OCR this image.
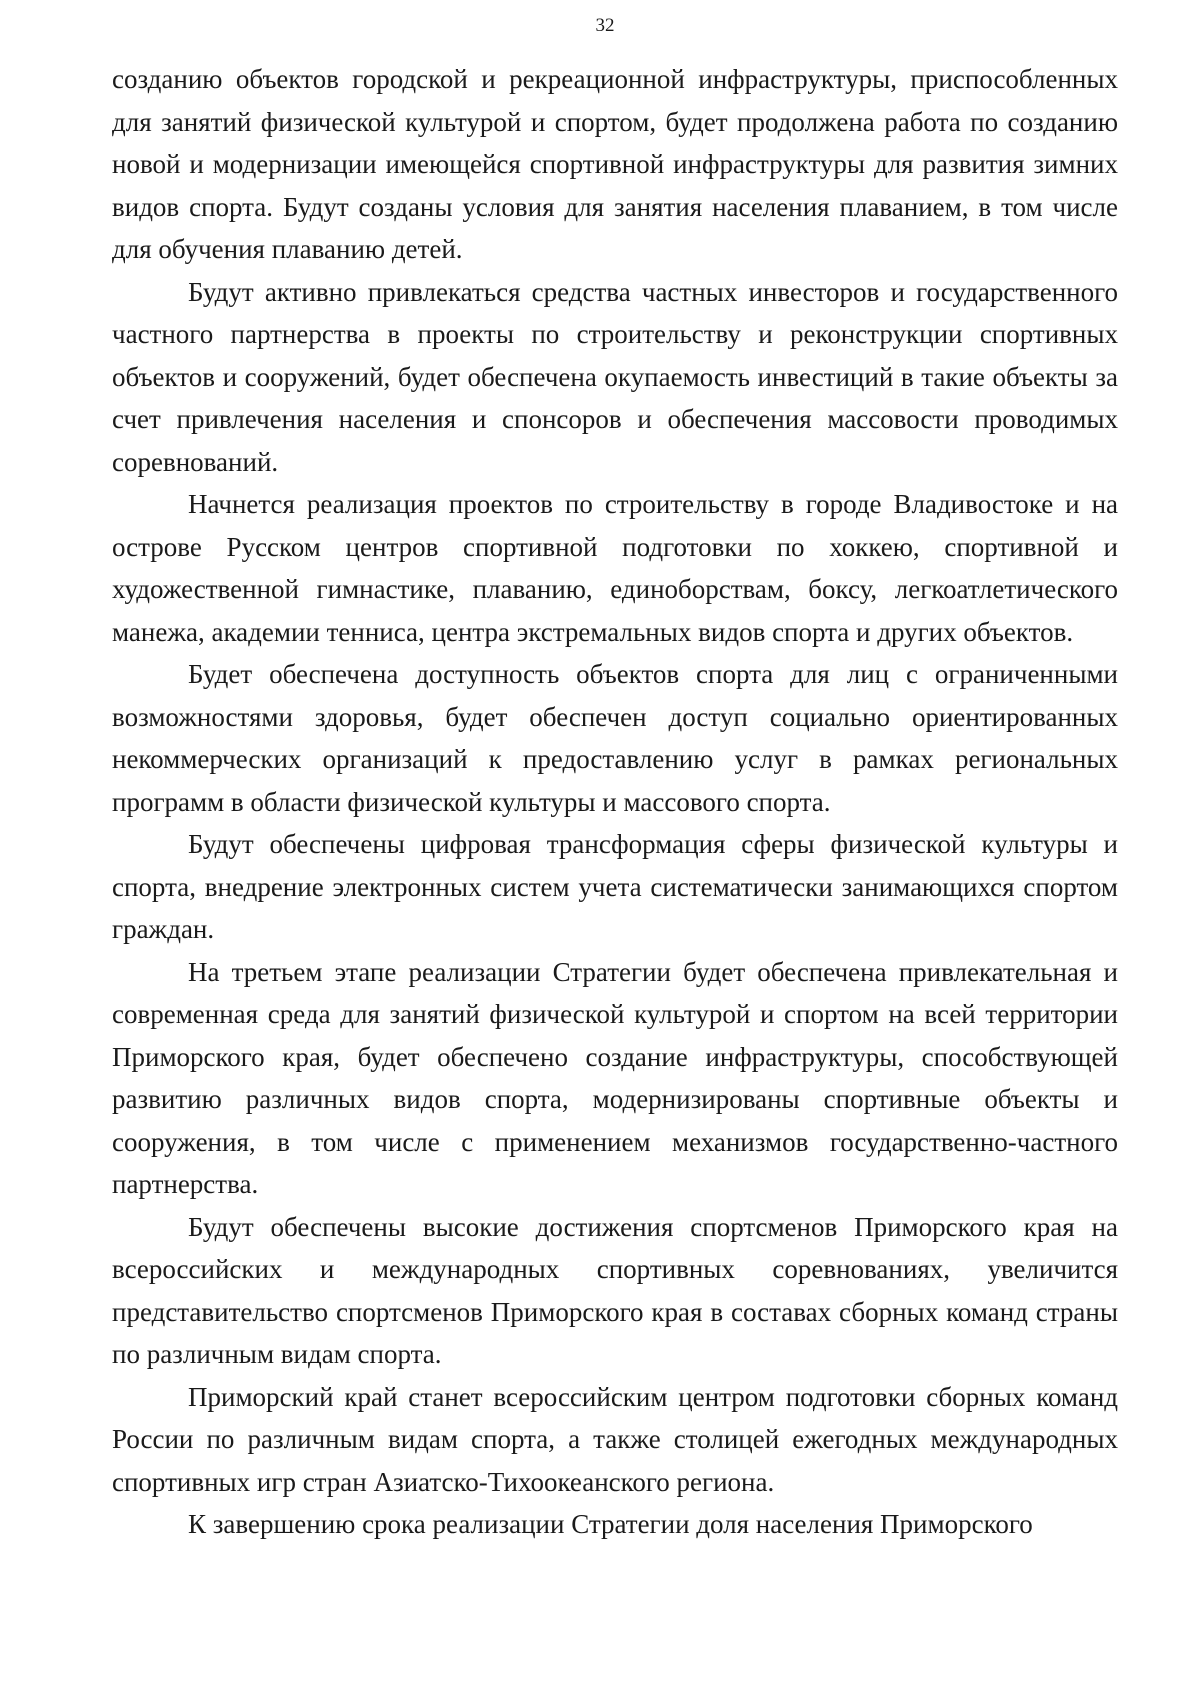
32

созданию объектов городской и рекреационной инфраструктуры, приспособленных для занятий физической культурой и спортом, будет продолжена работа по созданию новой и модернизации имеющейся спортивной инфраструктуры для развития зимних видов спорта. Будут созданы условия для занятия населения плаванием, в том числе для обучения плаванию детей.

Будут активно привлекаться средства частных инвесторов и государственного частного партнерства в проекты по строительству и реконструкции спортивных объектов и сооружений, будет обеспечена окупаемость инвестиций в такие объекты за счет привлечения населения и спонсоров и обеспечения массовости проводимых соревнований.

Начнется реализация проектов по строительству в городе Владивостоке и на острове Русском центров спортивной подготовки по хоккею, спортивной и художественной гимнастике, плаванию, единоборствам, боксу, легкоатлетического манежа, академии тенниса, центра экстремальных видов спорта и других объектов.

Будет обеспечена доступность объектов спорта для лиц с ограниченными возможностями здоровья, будет обеспечен доступ социально ориентированных некоммерческих организаций к предоставлению услуг в рамках региональных программ в области физической культуры и массового спорта.

Будут обеспечены цифровая трансформация сферы физической культуры и спорта, внедрение электронных систем учета систематически занимающихся спортом граждан.

На третьем этапе реализации Стратегии будет обеспечена привлекательная и современная среда для занятий физической культурой и спортом на всей территории Приморского края, будет обеспечено создание инфраструктуры, способствующей развитию различных видов спорта, модернизированы спортивные объекты и сооружения, в том числе с применением механизмов государственно-частного партнерства.

Будут обеспечены высокие достижения спортсменов Приморского края на всероссийских и международных спортивных соревнованиях, увеличится представительство спортсменов Приморского края в составах сборных команд страны по различным видам спорта.

Приморский край станет всероссийским центром подготовки сборных команд России по различным видам спорта, а также столицей ежегодных международных спортивных игр стран Азиатско-Тихоокеанского региона.

К завершению срока реализации Стратегии доля населения Приморского
